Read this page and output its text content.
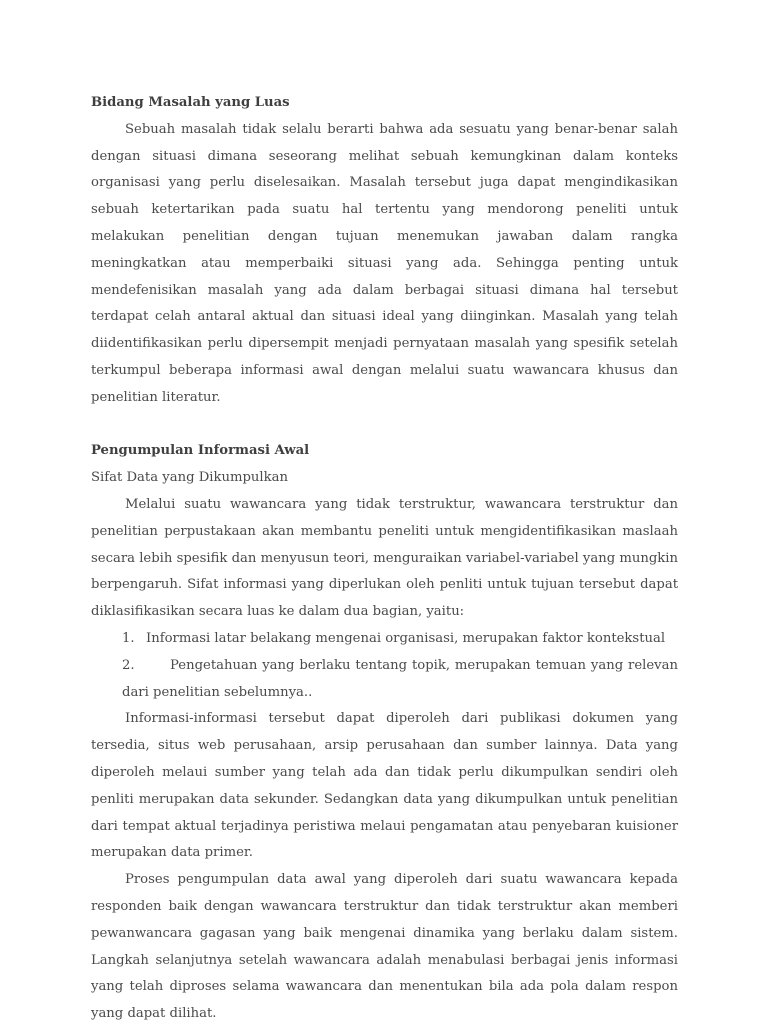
Bidang Masalah yang Luas

Sebuah masalah tidak selalu berarti bahwa ada sesuatu yang benar-benar salah dengan situasi dimana seseorang melihat sebuah kemungkinan dalam konteks organisasi yang perlu diselesaikan. Masalah tersebut juga dapat mengindikasikan sebuah ketertarikan pada suatu hal tertentu yang mendorong peneliti untuk melakukan penelitian dengan tujuan menemukan jawaban dalam rangka meningkatkan atau memperbaiki situasi yang ada. Sehingga penting untuk mendefenisikan masalah yang ada dalam berbagai situasi dimana hal tersebut terdapat celah antaral aktual dan situasi ideal yang diinginkan. Masalah yang telah diidentifikasikan perlu dipersempit menjadi pernyataan masalah yang spesifik setelah terkumpul beberapa informasi awal dengan melalui suatu wawancara khusus dan penelitian literatur.

Pengumpulan Informasi Awal

Sifat Data yang Dikumpulkan

Melalui suatu wawancara yang tidak terstruktur, wawancara terstruktur dan penelitian perpustakaan akan membantu peneliti untuk mengidentifikasikan maslaah secara lebih spesifik dan menyusun teori, menguraikan variabel-variabel yang mungkin berpengaruh. Sifat informasi yang diperlukan oleh penliti untuk tujuan tersebut dapat diklasifikasikan secara luas ke dalam dua bagian, yaitu:

1. Informasi latar belakang mengenai organisasi, merupakan faktor kontekstual

2.	Pengetahuan yang berlaku tentang topik, merupakan temuan yang relevan dari penelitian sebelumnya..

Informasi-informasi tersebut dapat diperoleh dari publikasi dokumen yang tersedia, situs web perusahaan, arsip perusahaan dan sumber lainnya. Data yang diperoleh melaui sumber yang telah ada dan tidak perlu dikumpulkan sendiri oleh penliti merupakan data sekunder. Sedangkan data yang dikumpulkan untuk penelitian dari tempat aktual terjadinya peristiwa melaui pengamatan atau penyebaran kuisioner merupakan data primer.

Proses pengumpulan data awal yang diperoleh dari suatu wawancara kepada responden baik dengan wawancara terstruktur dan tidak terstruktur akan memberi pewanwancara gagasan yang baik mengenai dinamika yang berlaku dalam sistem. Langkah selanjutnya setelah wawancara adalah menabulasi berbagai jenis informasi yang telah diproses selama wawancara dan menentukan bila ada pola dalam respon yang dapat dilihat.
